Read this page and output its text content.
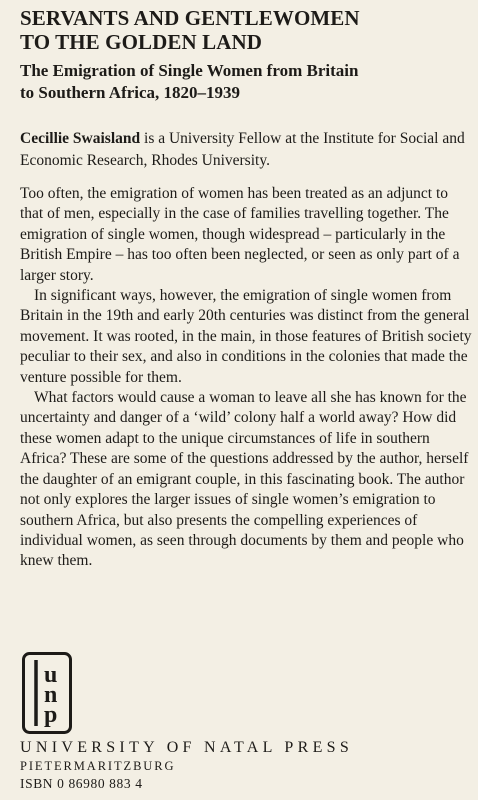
SERVANTS AND GENTLEWOMEN
TO THE GOLDEN LAND
The Emigration of Single Women from Britain
to Southern Africa, 1820–1939
Cecillie Swaisland is a University Fellow at the Institute for Social and Economic Research, Rhodes University.

Too often, the emigration of women has been treated as an adjunct to that of men, especially in the case of families travelling together. The emigration of single women, though widespread – particularly in the British Empire – has too often been neglected, or seen as only part of a larger story.

In significant ways, however, the emigration of single women from Britain in the 19th and early 20th centuries was distinct from the general movement. It was rooted, in the main, in those features of British society peculiar to their sex, and also in conditions in the colonies that made the venture possible for them.

What factors would cause a woman to leave all she has known for the uncertainty and danger of a ‘wild’ colony half a world away? How did these women adapt to the unique circumstances of life in southern Africa? These are some of the questions addressed by the author, herself the daughter of an emigrant couple, in this fascinating book. The author not only explores the larger issues of single women’s emigration to southern Africa, but also presents the compelling experiences of individual women, as seen through documents by them and people who knew them.

u
n
p
UNIVERSITY OF NATAL PRESS
PIETERMARITZBURG
ISBN 0 86980 883 4
